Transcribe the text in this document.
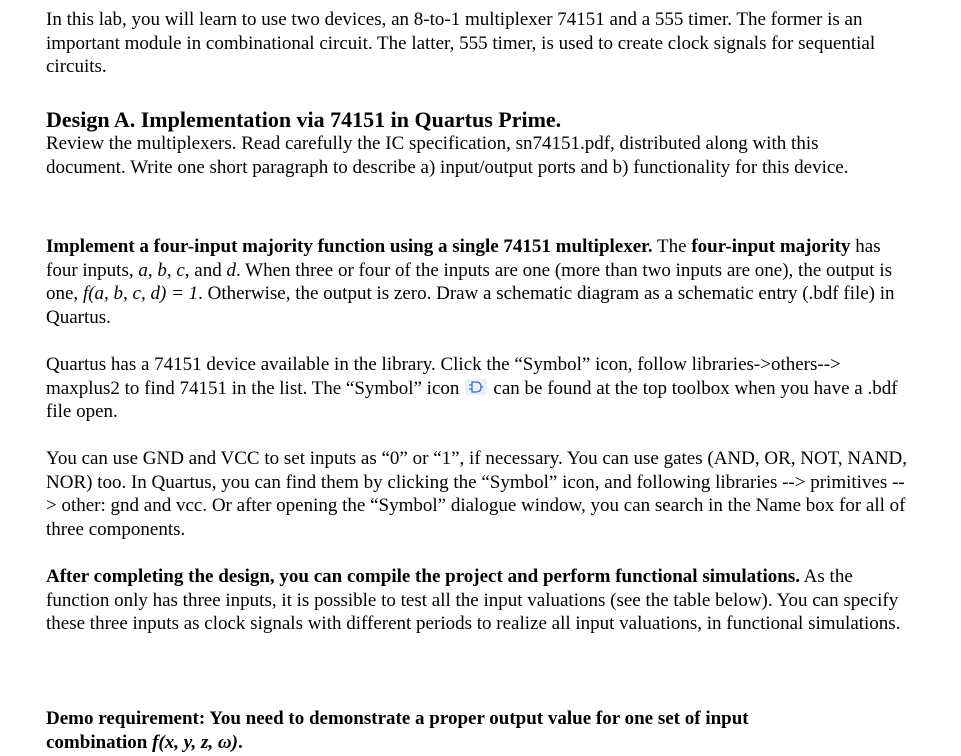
In this lab, you will learn to use two devices, an 8-to-1 multiplexer 74151 and a 555 timer. The former is an important module in combinational circuit. The latter, 555 timer, is used to create clock signals for sequential circuits.

Design A. Implementation via 74151 in Quartus Prime.

Review the multiplexers. Read carefully the IC specification, sn74151.pdf, distributed along with this document. Write one short paragraph to describe a) input/output ports and b) functionality for this device.

Implement a four-input majority function using a single 74151 multiplexer. The four-input majority has four inputs, a, b, c, and d. When three or four of the inputs are one (more than two inputs are one), the output is one, f(a, b, c, d) = 1. Otherwise, the output is zero. Draw a schematic diagram as a schematic entry (.bdf file) in Quartus.

Quartus has a 74151 device available in the library. Click the “Symbol” icon, follow libraries->others--> maxplus2 to find 74151 in the list. The “Symbol” icon can be found at the top toolbox when you have a .bdf file open.

You can use GND and VCC to set inputs as “0” or “1”, if necessary. You can use gates (AND, OR, NOT, NAND, NOR) too. In Quartus, you can find them by clicking the “Symbol” icon, and following libraries --> primitives --> other: gnd and vcc. Or after opening the “Symbol” dialogue window, you can search in the Name box for all of three components.

After completing the design, you can compile the project and perform functional simulations. As the function only has three inputs, it is possible to test all the input valuations (see the table below). You can specify these three inputs as clock signals with different periods to realize all input valuations, in functional simulations.

Demo requirement: You need to demonstrate a proper output value for one set of input combination f(x, y, z, ω).
